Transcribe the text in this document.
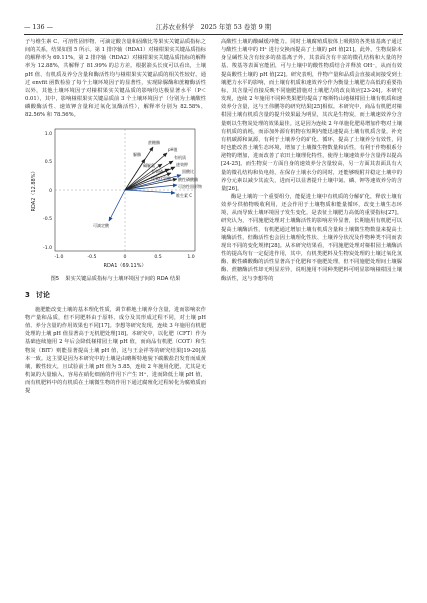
— 136 —	江苏农业科学　2025 年第 53 卷第 9 期

子与维生素 C、可溶性固形物、可滴定酸含量和固酸比等果实关键品质指标之间的关系，结果如图 5 所示。第 1 排序轴（RDA1）对椪柑果实关键品质指标的解释率为 69.11%，第 2 排序轴（RDA2）对椪柑果实关键品质指标的解释率为 12.88%，共解释了 81.99% 的总方差。根据箭头长度可以看出，土壤 pH 值、有机质及养分含量和酶活性均与椪柑果实关键品质的相关性较好。通过 envfit 函数检验了每个土壤环境因子的显著性，实现除脲酶和蔗糖酶活性以外，其他土壤环境因子对椪柑果实关键品质的影响均达极显著水平（P＜0.01），其中，影响椪柑果实关键品质前 3 个土壤环境因子（分别为土壤酸性磷酸酶活性、速效钾含量和过氧化氢酶活性），解释率分别为 82.58%、82.56% 和 78.56%。

-1.0	-0.5	0	0.5	1.0
1.0
0.5
0
-0.5
-1.0
RDA1（69.11%）
RDA2（12.88%）	固酸比
可溶性固形物
维生素 C
可滴定酸
pH值
有机质
碱解氮
有效磷
速效钾
蔗糖酶
脲酶
酸性磷酸酶
过氧化氢酶
图5 果实关键品质指标与土壤环境因子间的 RDA 结果
3 讨论

施肥能改变土壤的基本理化性质，调节耕地土壤养分含量，进而影响农作物产量和品质，但不同肥料由于原料、成分及其形成过程不同，对土壤 pH 值、养分含量的作用效果也不同[17]。李想等研究发现，连续 3 年施用有机肥处理的土壤 pH 值显著高于无机肥处理[18]。本研究中，以化肥（CFT）作为基础连续施用 2 年后会降低椪柑园土壤 pH 值，而商品有机肥（COT）和生物炭（BIT）则能显著提高土壤 pH 值，这与王金祥等的研究结果[19-20]基本一致。这主要是因为本研究中的土壤是由略斯特地貌下碳酸盐岩发育而成黄壤，酸性较大，且试验前土壤 pH 值为 5.85，连续 2 年施用化肥，尤其是无机氮的大量输入，容易在硝化细菌的作用下产生 H⁺，进而降低土壤 pH 值，而有机肥料中的有机质在土壤微生物的作用下通过腐殖化过程转化为腐殖质而提

高酸性土壤的酸碱缓冲能力。同时土壤腐殖质胶体上吸附的各类盐基离子通过与酸性土壤中的 H⁺ 进行交换而提高了土壤的 pH 值[21]。此外，生物炭除本身呈碱性及含有较多的盐基离子外，其表面含有丰富的微孔结构和大量的羟基、羧基等表面官能团，可与土壤中的酸性物质结合并释放 OH⁻，从而有效提高酸性土壤的 pH 值[22]。研究表明，作物产量和品质会直接或间接受到土壤肥力水平的影响，而土壤有机质和速效养分作为衡量土壤肥力高低的重要指标，其含量可直接反映不同施肥措施对土壤肥力的改良效应[23-24]。本研究发现，连续 2 年施用不同种类果肥均提高了喀斯特山地椪柑园土壤有机质和速效养分含量，这与王伟鹏等的研究结果[25]相似。本研究中，商品有机肥对椪柑园土壤有机质含量的提升效果最为明显，其次是生物炭，而土壤速效养分含量则以生物炭处理的效果最佳。这是因为连续 2 年单施化肥易增加作物对土壤有机质的消耗，而添加外源有机物在短期内能迅速提高土壤有机质含量，补充有机碳源和氮源，有利于土壤养分的矿化、循环，提高了土壤养分有效性，同时也能改善土壤生态环境，增加了土壤微生物数量和活性，有利于作物根系分泌物的增加，进而改善了农田土壤理化特性，使得土壤速效养分含量得以提高[24-25]。而生物炭一方面自身的速效养分含量较高，另一方面其表面具有大量的微孔结构和负电荷，在保存土壤水分的同时，还能够吸附并稳定土壤中的养分元素以减少其流失，进而可以显著提升土壤中氮、磷、钾等速效养分的含量[26]。

酶是土壤的一个重要组分，能促进土壤中有机质的分解矿化，释放土壤有效养分供植物吸收利用，还会作用于土壤物质和能量循环，改变土壤生态环境，从而导致土壤环境因子发生变化，是表征土壤肥力高低的重要指标[27]。研究认为，不同施肥处理对土壤酶活性的影响差异显著，长期施用有机肥可以提高土壤酶活性，有机肥通过增加土壤有机质含量和土壤微生物数量来提高土壤酶活性，但酶活性也会因土壤理化性状、土壤养分状况及作物种类不同而表现出不同的变化规律[28]。从本研究结果看，不同施肥处理对椪柑园土壤酶活性的提高均有一定促进作用，其中，有机类肥料及生物炭处理的土壤过氧化氢酶、酸性磷酸酶的活性显著高于化肥和不施肥处理，但不同施肥处理间土壤脲酶、蔗糖酶活性却无明显差异，说明施用不同种类肥料可明显影响椪柑园土壤酶活性，这与李想等的
